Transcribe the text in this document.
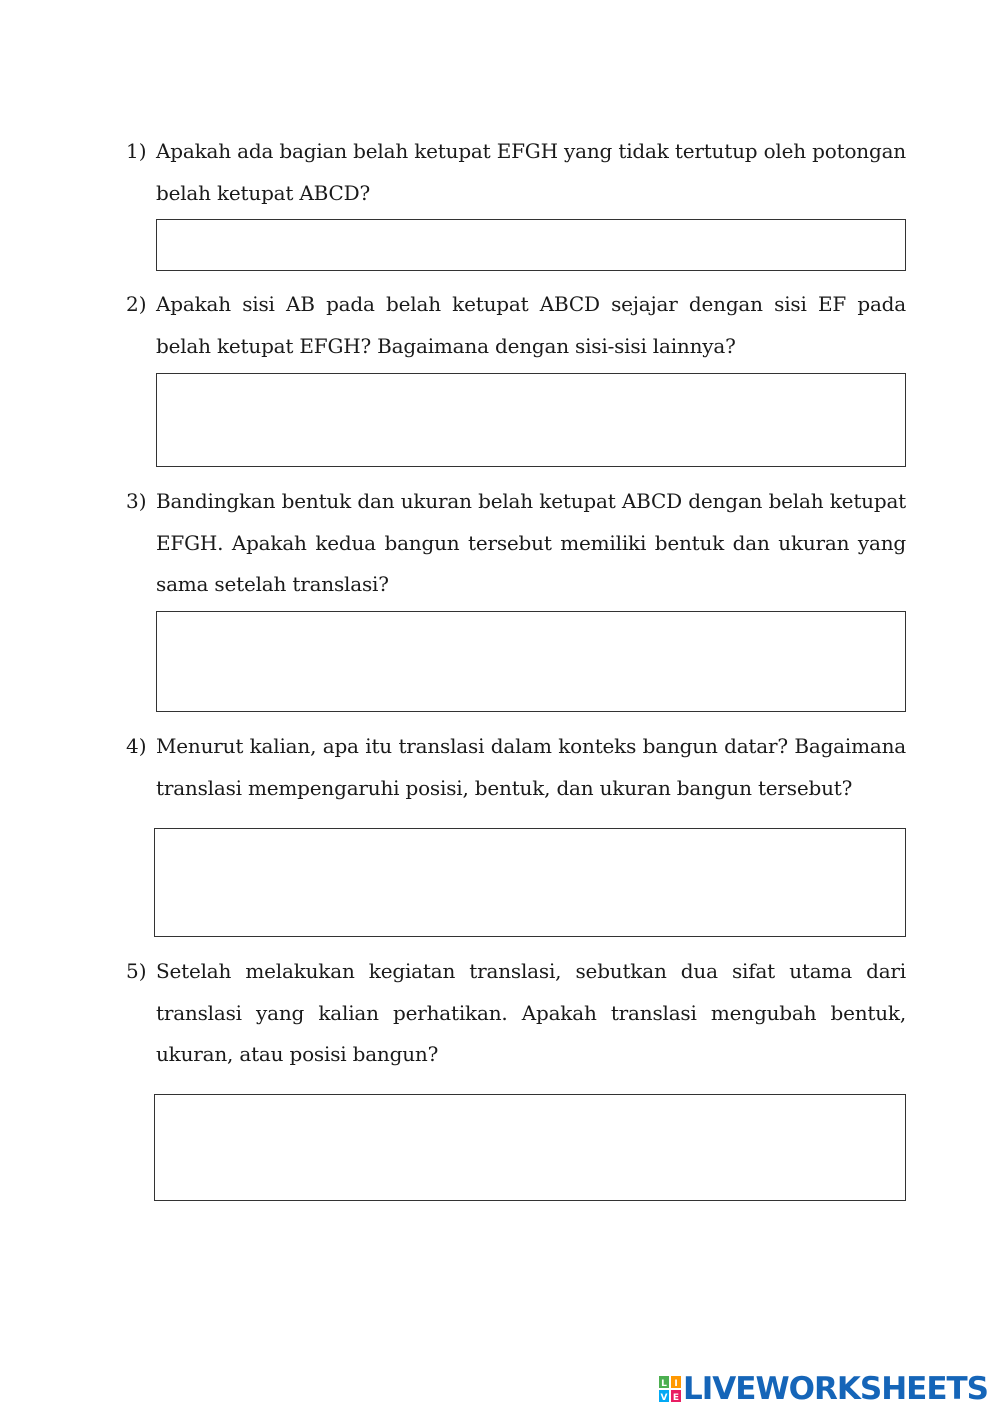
1) Apakah ada bagian belah ketupat EFGH yang tidak tertutup oleh potongan belah ketupat ABCD?
2) Apakah sisi AB pada belah ketupat ABCD sejajar dengan sisi EF pada belah ketupat EFGH? Bagaimana dengan sisi-sisi lainnya?
3) Bandingkan bentuk dan ukuran belah ketupat ABCD dengan belah ketupat EFGH. Apakah kedua bangun tersebut memiliki bentuk dan ukuran yang sama setelah translasi?
4) Menurut kalian, apa itu translasi dalam konteks bangun datar? Bagaimana translasi mempengaruhi posisi, bentuk, dan ukuran bangun tersebut?
5) Setelah melakukan kegiatan translasi, sebutkan dua sifat utama dari translasi yang kalian perhatikan. Apakah translasi mengubah bentuk, ukuran, atau posisi bangun?
L I
V E LIVEWORKSHEETS
